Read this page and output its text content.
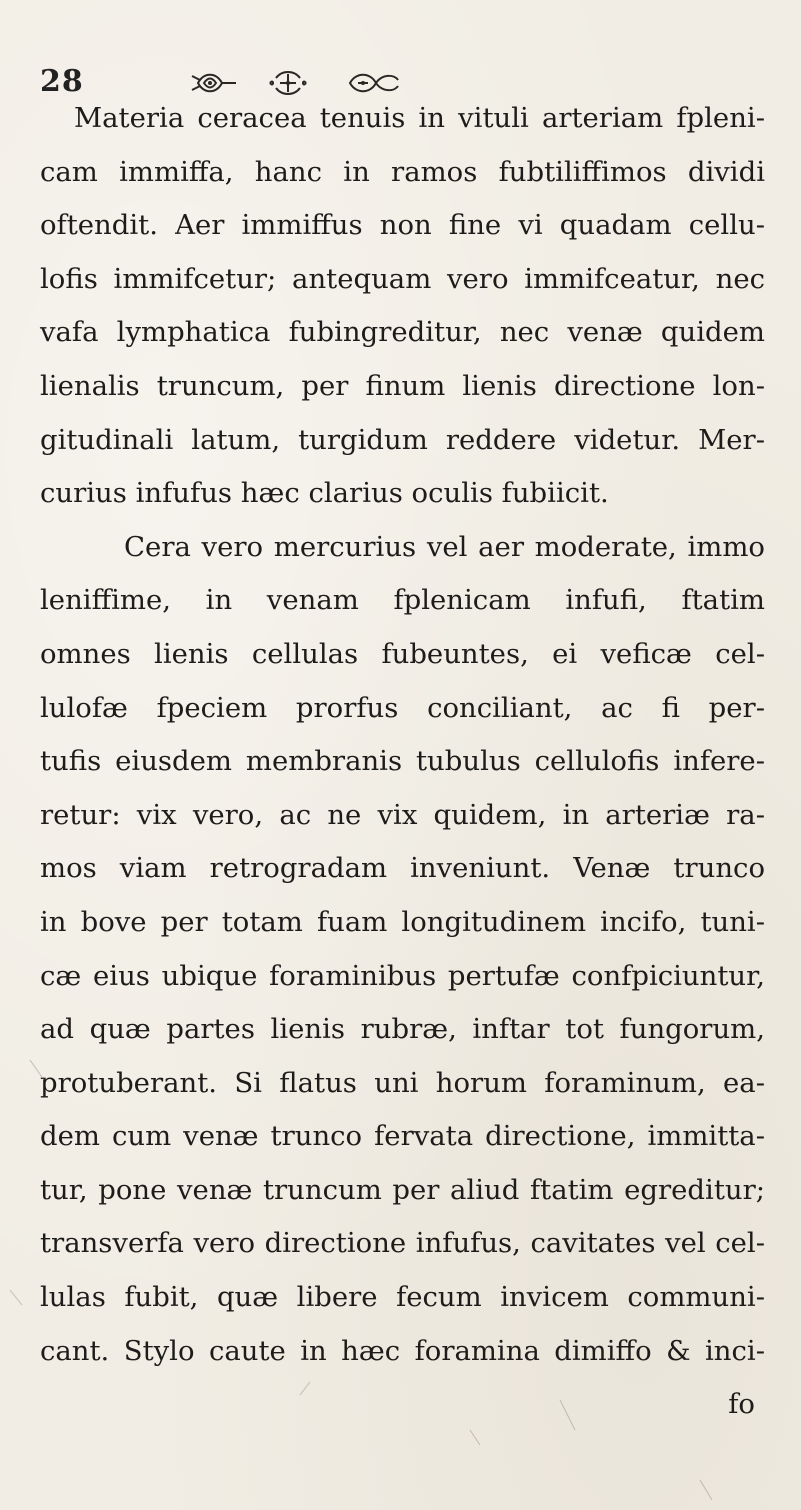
28
Materia ceracea tenuis in vituli arteriam fpleni-
cam immiffa, hanc in ramos fubtiliffimos dividi
oftendit. Aer immiffus non fine vi quadam cellu-
lofis immifcetur; antequam vero immifceatur, nec
vafa lymphatica fubingreditur, nec venæ quidem
lienalis truncum, per finum lienis directione lon-
gitudinali latum, turgidum reddere videtur. Mer-
curius infufus hæc clarius oculis fubiicit.
Cera vero mercurius vel aer moderate, immo
leniffime, in venam fplenicam infufi, ftatim
omnes lienis cellulas fubeuntes, ei veficæ cel-
lulofæ fpeciem prorfus conciliant, ac fi per-
tufis eiusdem membranis tubulus cellulofis infere-
retur: vix vero, ac ne vix quidem, in arteriæ ra-
mos viam retrogradam inveniunt. Venæ trunco
in bove per totam fuam longitudinem incifo, tuni-
cæ eius ubique foraminibus pertufæ confpiciuntur,
ad quæ partes lienis rubræ, inftar tot fungorum,
protuberant. Si flatus uni horum foraminum, ea-
dem cum venæ trunco fervata directione, immitta-
tur, pone venæ truncum per aliud ftatim egreditur;
transverfa vero directione infufus, cavitates vel cel-
lulas fubit, quæ libere fecum invicem communi-
cant. Stylo caute in hæc foramina dimiffo & inci-
fo
